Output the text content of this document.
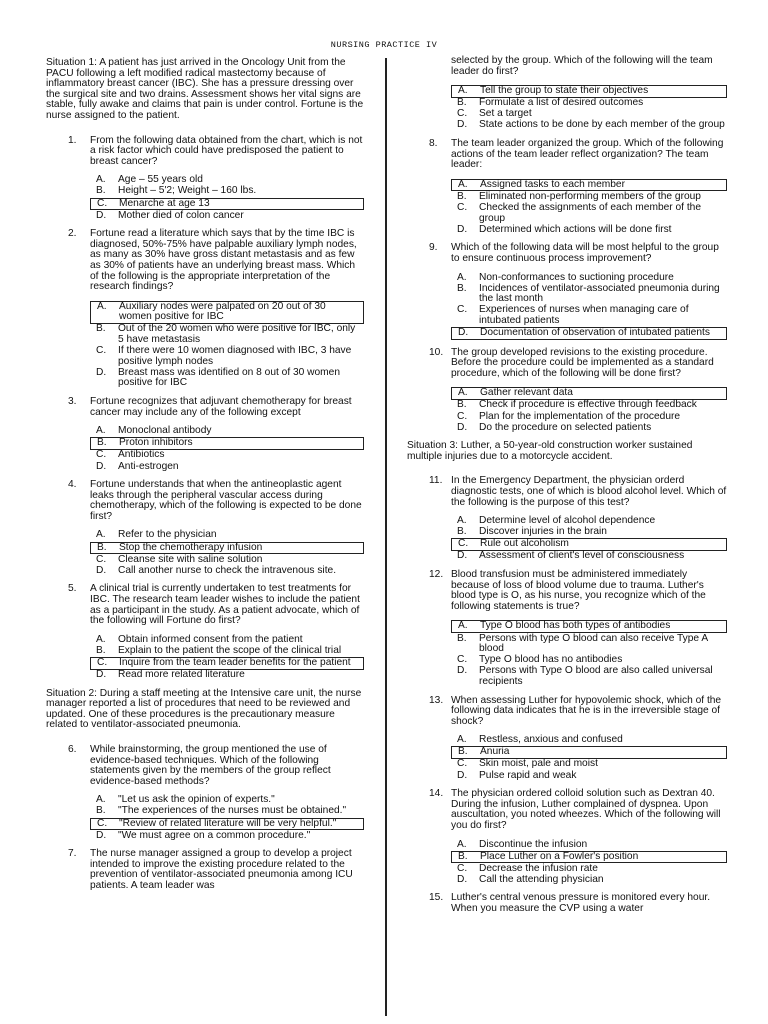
NURSING PRACTICE IV
Situation 1: A patient has just arrived in the Oncology Unit from the PACU following a left modified radical mastectomy because of inflammatory breast cancer (IBC). She has a pressure dressing over the surgical site and two drains. Assessment shows her vital signs are stable, fully awake and claims that pain is under control. Fortune is the nurse assigned to the patient.
1.	From the following data obtained from the chart, which is not a risk factor which could have predisposed the patient to breast cancer?
A.	Age – 55 years old
B.	Height – 5'2; Weight – 160 lbs.
C.	Menarche at age 13
D.	Mother died of colon cancer
2.	Fortune read a literature which says that by the time IBC is diagnosed, 50%-75% have palpable auxiliary lymph nodes, as many as 30% have gross distant metastasis and as few as 30% of patients have an underlying breast mass. Which of the following is the appropriate interpretation of the research findings?
A.	Auxiliary nodes were palpated on 20 out of 30 women positive for IBC
B.	Out of the 20 women who were positive for IBC, only 5 have metastasis
C.	If there were 10 women diagnosed with IBC, 3 have positive lymph nodes
D.	Breast mass was identified on 8 out of 30 women positive for IBC
3.	Fortune recognizes that adjuvant chemotherapy for breast cancer may include any of the following except
A.	Monoclonal antibody
B.	Proton inhibitors
C.	Antibiotics
D.	Anti-estrogen
4.	Fortune understands that when the antineoplastic agent leaks through the peripheral vascular access during chemotherapy, which of the following is expected to be done first?
A.	Refer to the physician
B.	Stop the chemotherapy infusion
C.	Cleanse site with saline solution
D.	Call another nurse to check the intravenous site.
5.	A clinical trial is currently undertaken to test treatments for IBC. The research team leader wishes to include the patient as a participant in the study. As a patient advocate, which of the following will Fortune do first?
A.	Obtain informed consent from the patient
B.	Explain to the patient the scope of the clinical trial
C.	Inquire from the team leader benefits for the patient
D.	Read more related literature
Situation 2: During a staff meeting at the Intensive care unit, the nurse manager reported a list of procedures that need to be reviewed and updated. One of these procedures is the precautionary measure related to ventilator-associated pneumonia.
6.	While brainstorming, the group mentioned the use of evidence-based techniques. Which of the following statements given by the members of the group reflect evidence-based methods?
A.	"Let us ask the opinion of experts."
B.	"The experiences of the nurses must be obtained."
C.	"Review of related literature will be very helpful."
D.	"We must agree on a common procedure."
7.	The nurse manager assigned a group to develop a project intended to improve the existing procedure related to the prevention of ventilator-associated pneumonia among ICU patients. A team leader was
selected by the group. Which of the following will the team leader do first?
A.	Tell the group to state their objectives
B.	Formulate a list of desired outcomes
C.	Set a target
D.	State actions to be done by each member of the group
8.	The team leader organized the group. Which of the following actions of the team leader reflect organization? The team leader:
A.	Assigned tasks to each member
B.	Eliminated non-performing members of the group
C.	Checked the assignments of each member of the group
D.	Determined which actions will be done first
9.	Which of the following data will be most helpful to the group to ensure continuous process improvement?
A.	Non-conformances to suctioning procedure
B.	Incidences of ventilator-associated pneumonia during the last month
C.	Experiences of nurses when managing care of intubated patients
D.	Documentation of observation of intubated patients
10. The group developed revisions to the existing procedure. Before the procedure could be implemented as a standard procedure, which of the following will be done first?
A.	Gather relevant data
B.	Check if procedure is effective through feedback
C.	Plan for the implementation of the procedure
D.	Do the procedure on selected patients
Situation 3: Luther, a 50-year-old construction worker sustained multiple injuries due to a motorcycle accident.
11. In the Emergency Department, the physician orderd diagnostic tests, one of which is blood alcohol level. Which of the following is the purpose of this test?
A.	Determine level of alcohol dependence
B.	Discover injuries in the brain
C.	Rule out alcoholism
D.	Assessment of client's level of consciousness
12. Blood transfusion must be administered immediately because of loss of blood volume due to trauma. Luther's blood type is O, as his nurse, you recognize which of the following statements is true?
A.	Type O blood has both types of antibodies
B.	Persons with type O blood can also receive Type A blood
C.	Type O blood has no antibodies
D.	Persons with Type O blood are also called universal recipients
13. When assessing Luther for hypovolemic shock, which of the following data indicates that he is in the irreversible stage of shock?
A.	Restless, anxious and confused
B.	Anuria
C.	Skin moist, pale and moist
D.	Pulse rapid and weak
14. The physician ordered colloid solution such as Dextran 40. During the infusion, Luther complained of dyspnea. Upon auscultation, you noted wheezes. Which of the following will you do first?
A.	Discontinue the infusion
B.	Place Luther on a Fowler's position
C.	Decrease the infusion rate
D.	Call the attending physician
15. Luther's central venous pressure is monitored every hour. When you measure the CVP using a water
